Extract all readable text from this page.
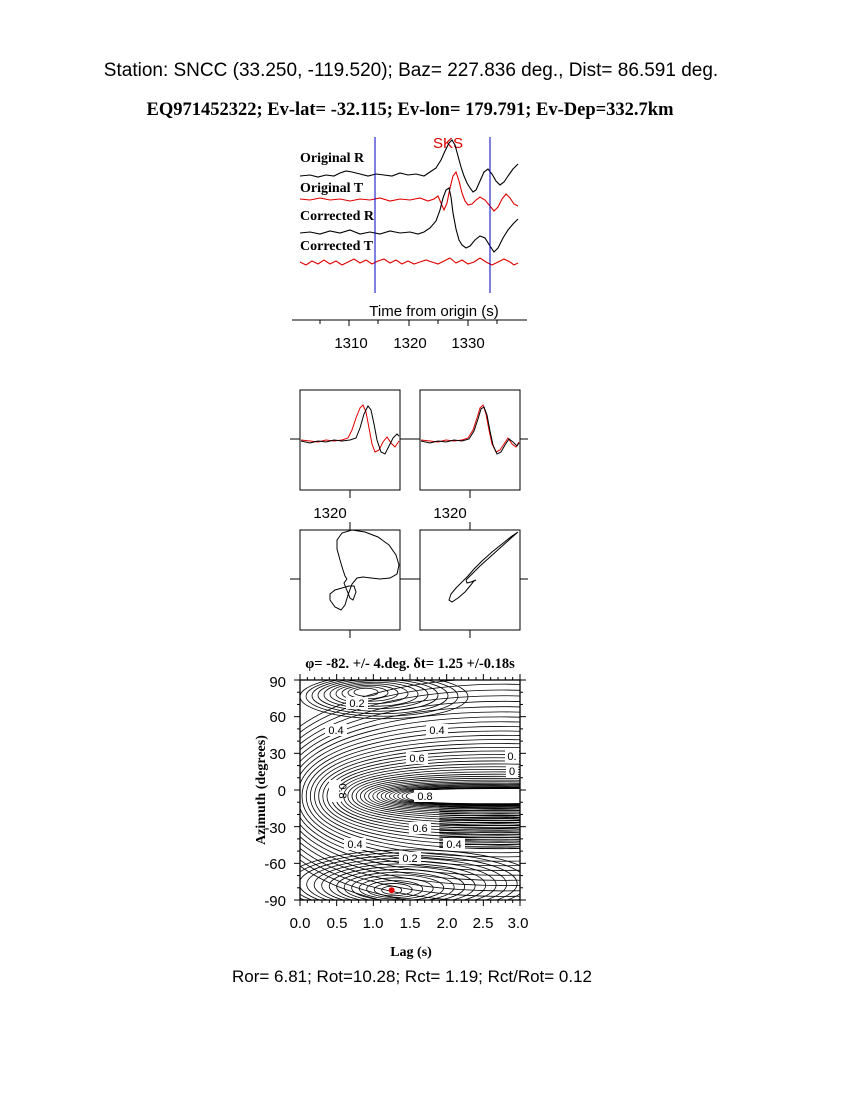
Station: SNCC (33.250, -119.520); Baz= 227.836 deg., Dist= 86.591 deg.
EQ971452322; Ev-lat= -32.115; Ev-lon= 179.791; Ev-Dep=332.7km
SKS
Original R
Original T
Corrected R
Corrected T
Time from origin (s)
1310 1320 1330
1320	1320
φ= -82. +/- 4.deg. δt= 1.25 +/-0.18s
90
60
30
0
-30
-60
-90
0.0 0.5 1.0 1.5 2.0 2.5 3.0
Lag (s)
Azimuth (degrees)
0.2
0.4	0.4
0.6
0.8
0.6
0.4	0.4
0.2
0.8
0.
0
Ror= 6.81; Rot=10.28; Rct= 1.19; Rct/Rot= 0.12
